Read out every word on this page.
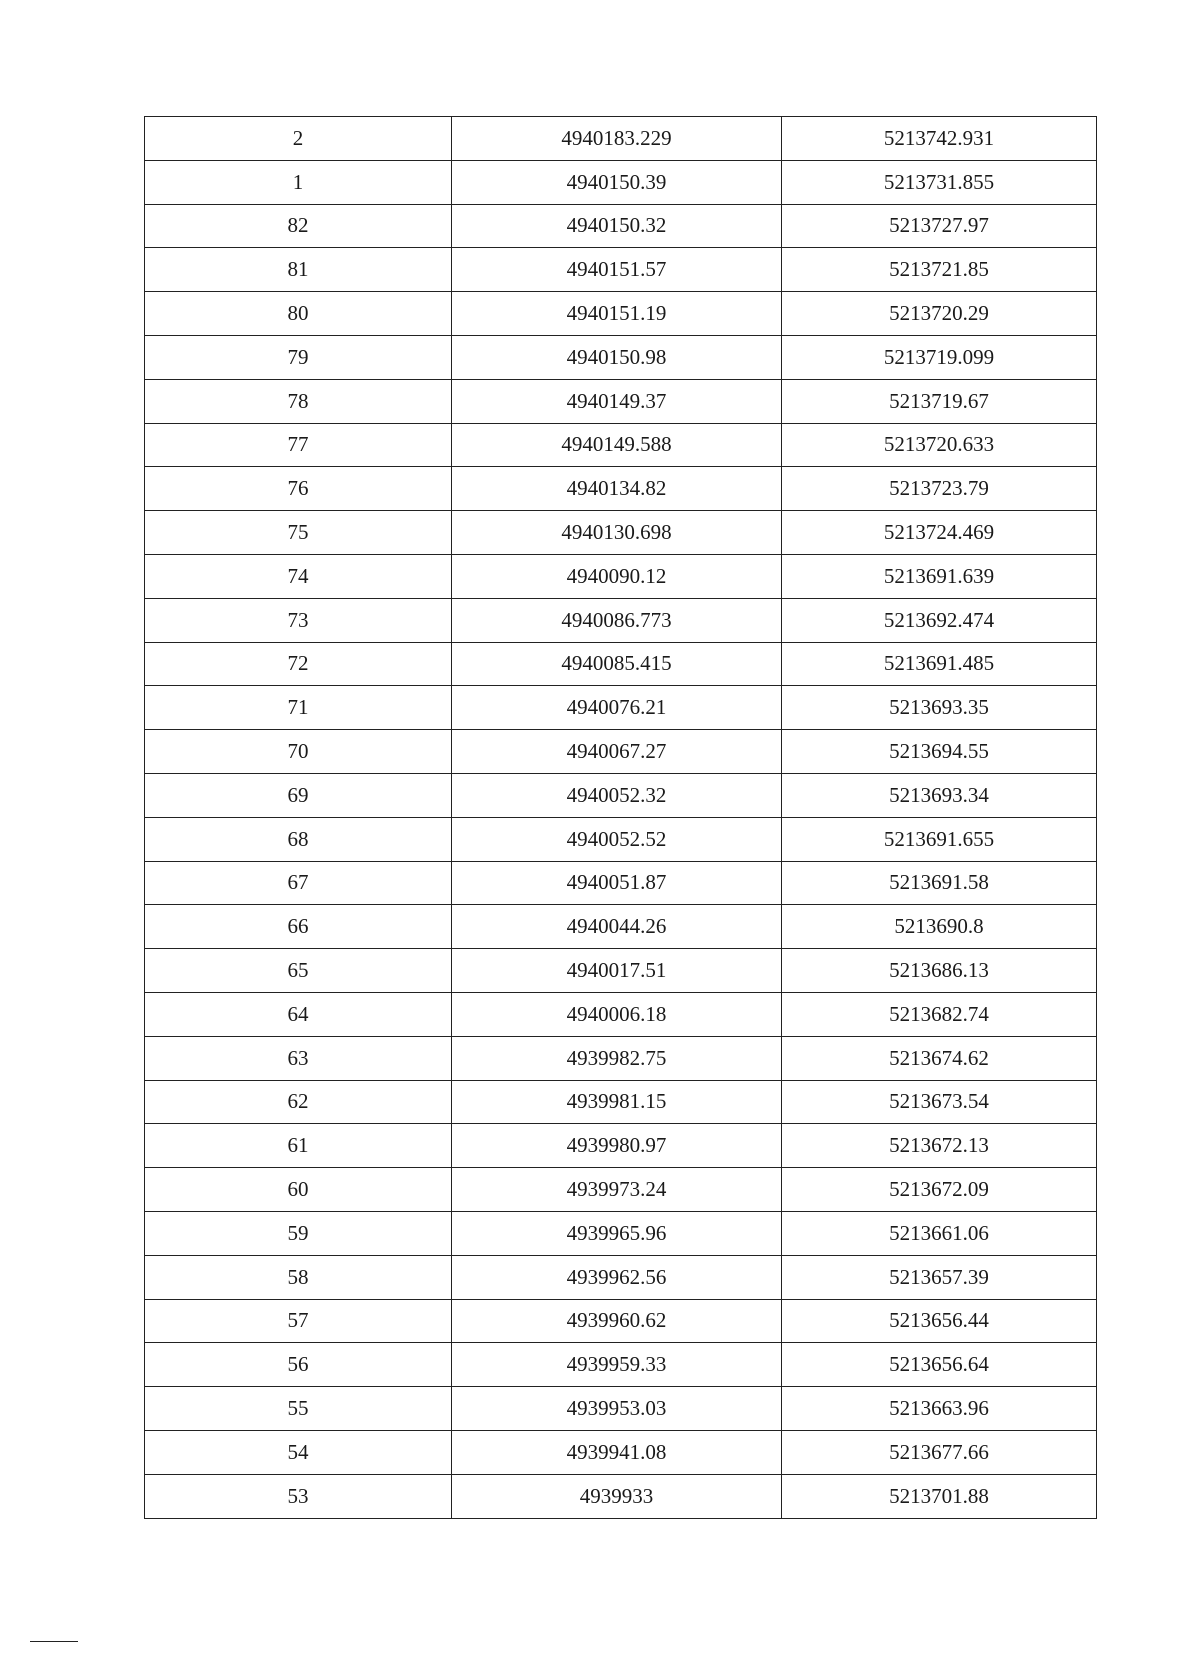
2	4940183.229	5213742.931
1	4940150.39	5213731.855
82	4940150.32	5213727.97
81	4940151.57	5213721.85
80	4940151.19	5213720.29
79	4940150.98	5213719.099
78	4940149.37	5213719.67
77	4940149.588	5213720.633
76	4940134.82	5213723.79
75	4940130.698	5213724.469
74	4940090.12	5213691.639
73	4940086.773	5213692.474
72	4940085.415	5213691.485
71	4940076.21	5213693.35
70	4940067.27	5213694.55
69	4940052.32	5213693.34
68	4940052.52	5213691.655
67	4940051.87	5213691.58
66	4940044.26	5213690.8
65	4940017.51	5213686.13
64	4940006.18	5213682.74
63	4939982.75	5213674.62
62	4939981.15	5213673.54
61	4939980.97	5213672.13
60	4939973.24	5213672.09
59	4939965.96	5213661.06
58	4939962.56	5213657.39
57	4939960.62	5213656.44
56	4939959.33	5213656.64
55	4939953.03	5213663.96
54	4939941.08	5213677.66
53	4939933	5213701.88
